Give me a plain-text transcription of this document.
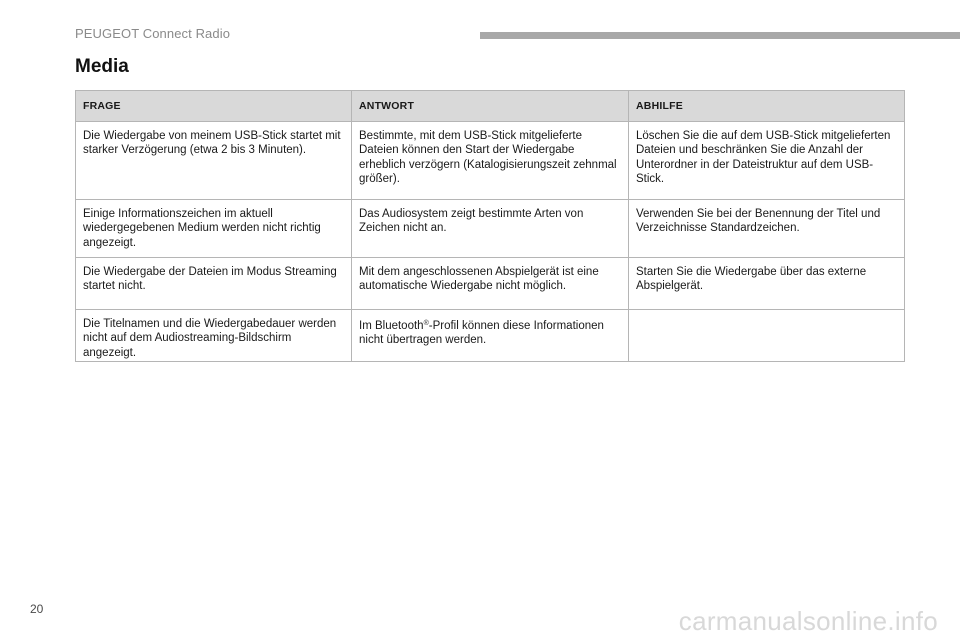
PEUGEOT Connect Radio
Media
FRAGE	ANTWORT	ABHILFE
Die Wiedergabe von meinem USB-Stick startet mit starker Verzögerung (etwa 2 bis 3 Minuten).	Bestimmte, mit dem USB-Stick mitgelieferte Dateien können den Start der Wiedergabe erheblich verzögern (Katalogisierungszeit zehnmal größer).	Löschen Sie die auf dem USB-Stick mitgelieferten Dateien und beschränken Sie die Anzahl der Unterordner in der Dateistruktur auf dem USB-Stick.
Einige Informationszeichen im aktuell wiedergegebenen Medium werden nicht richtig angezeigt.	Das Audiosystem zeigt bestimmte Arten von Zeichen nicht an.	Verwenden Sie bei der Benennung der Titel und Verzeichnisse Standardzeichen.
Die Wiedergabe der Dateien im Modus Streaming startet nicht.	Mit dem angeschlossenen Abspielgerät ist eine automatische Wiedergabe nicht möglich.	Starten Sie die Wiedergabe über das externe Abspielgerät.
Die Titelnamen und die Wiedergabedauer werden nicht auf dem Audiostreaming-Bildschirm angezeigt.	Im Bluetooth®-Profil können diese Informationen nicht übertragen werden.	
20	carmanualsonline.info
